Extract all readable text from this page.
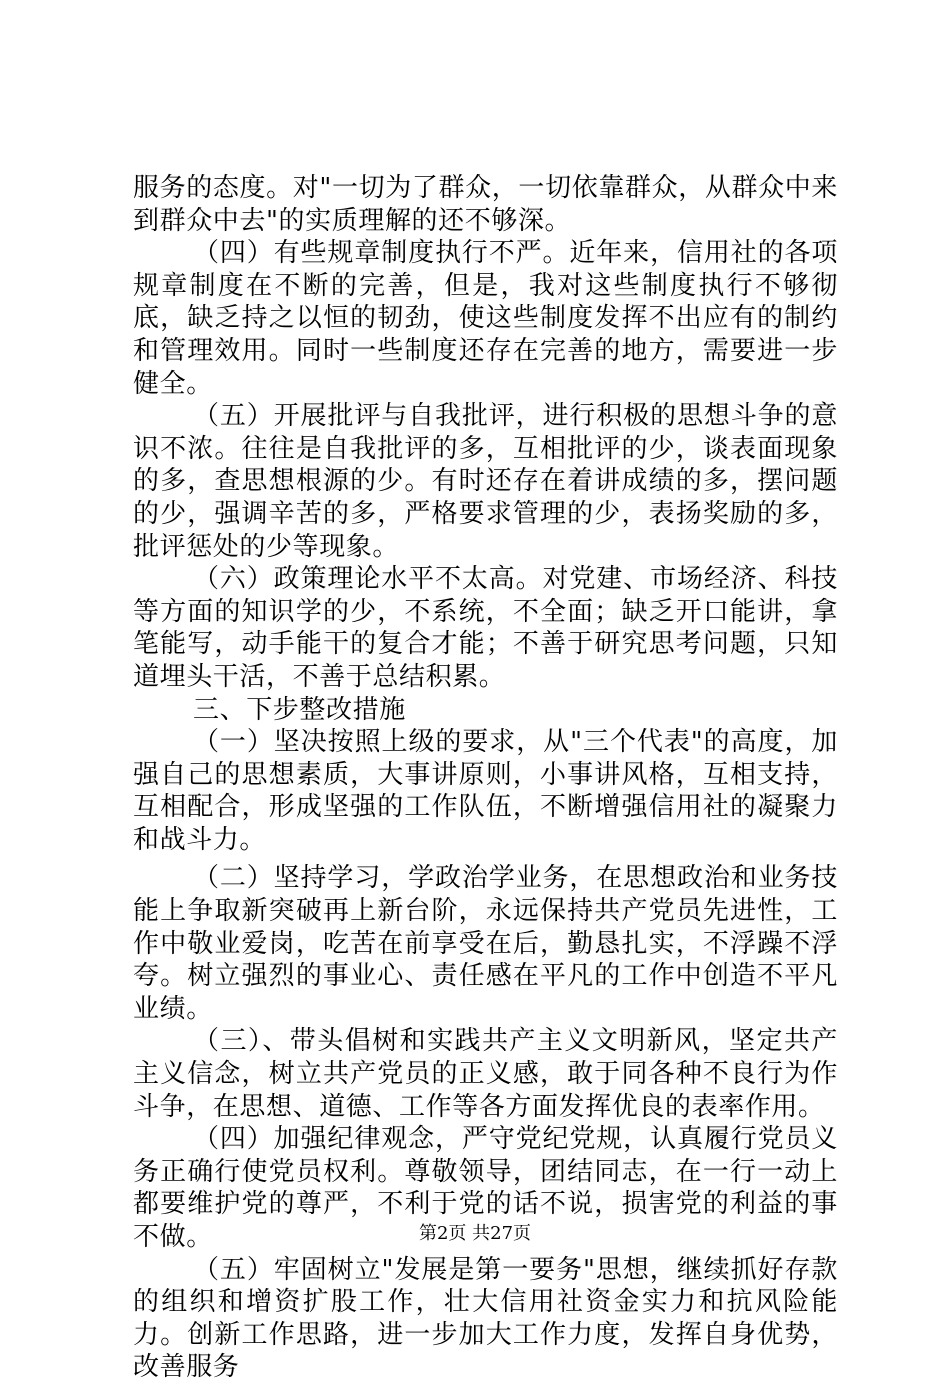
服务的态度。对"一切为了群众，一切依靠群众，从群众中来到群众中去"的实质理解的还不够深。

（四）有些规章制度执行不严。近年来，信用社的各项规章制度在不断的完善，但是，我对这些制度执行不够彻底，缺乏持之以恒的韧劲，使这些制度发挥不出应有的制约和管理效用。同时一些制度还存在完善的地方，需要进一步健全。

（五）开展批评与自我批评，进行积极的思想斗争的意识不浓。往往是自我批评的多，互相批评的少，谈表面现象的多，查思想根源的少。有时还存在着讲成绩的多，摆问题的少，强调辛苦的多，严格要求管理的少，表扬奖励的多，批评惩处的少等现象。

（六）政策理论水平不太高。对党建、市场经济、科技等方面的知识学的少，不系统，不全面；缺乏开口能讲，拿笔能写，动手能干的复合才能；不善于研究思考问题，只知道埋头干活，不善于总结积累。

三、下步整改措施

（一）坚决按照上级的要求，从"三个代表"的高度，加强自己的思想素质，大事讲原则，小事讲风格，互相支持，互相配合，形成坚强的工作队伍，不断增强信用社的凝聚力和战斗力。

（二）坚持学习，学政治学业务，在思想政治和业务技能上争取新突破再上新台阶，永远保持共产党员先进性，工作中敬业爱岗，吃苦在前享受在后，勤恳扎实，不浮躁不浮夸。树立强烈的事业心、责任感在平凡的工作中创造不平凡业绩。

（三）、带头倡树和实践共产主义文明新风，坚定共产主义信念，树立共产党员的正义感，敢于同各种不良行为作斗争，在思想、道德、工作等各方面发挥优良的表率作用。

（四）加强纪律观念，严守党纪党规，认真履行党员义务正确行使党员权利。尊敬领导，团结同志，在一行一动上都要维护党的尊严，不利于党的话不说，损害党的利益的事不做。

（五）牢固树立"发展是第一要务"思想，继续抓好存款的组织和增资扩股工作，壮大信用社资金实力和抗风险能力。创新工作思路，进一步加大工作力度，发挥自身优势，改善服务

第2页 共27页
